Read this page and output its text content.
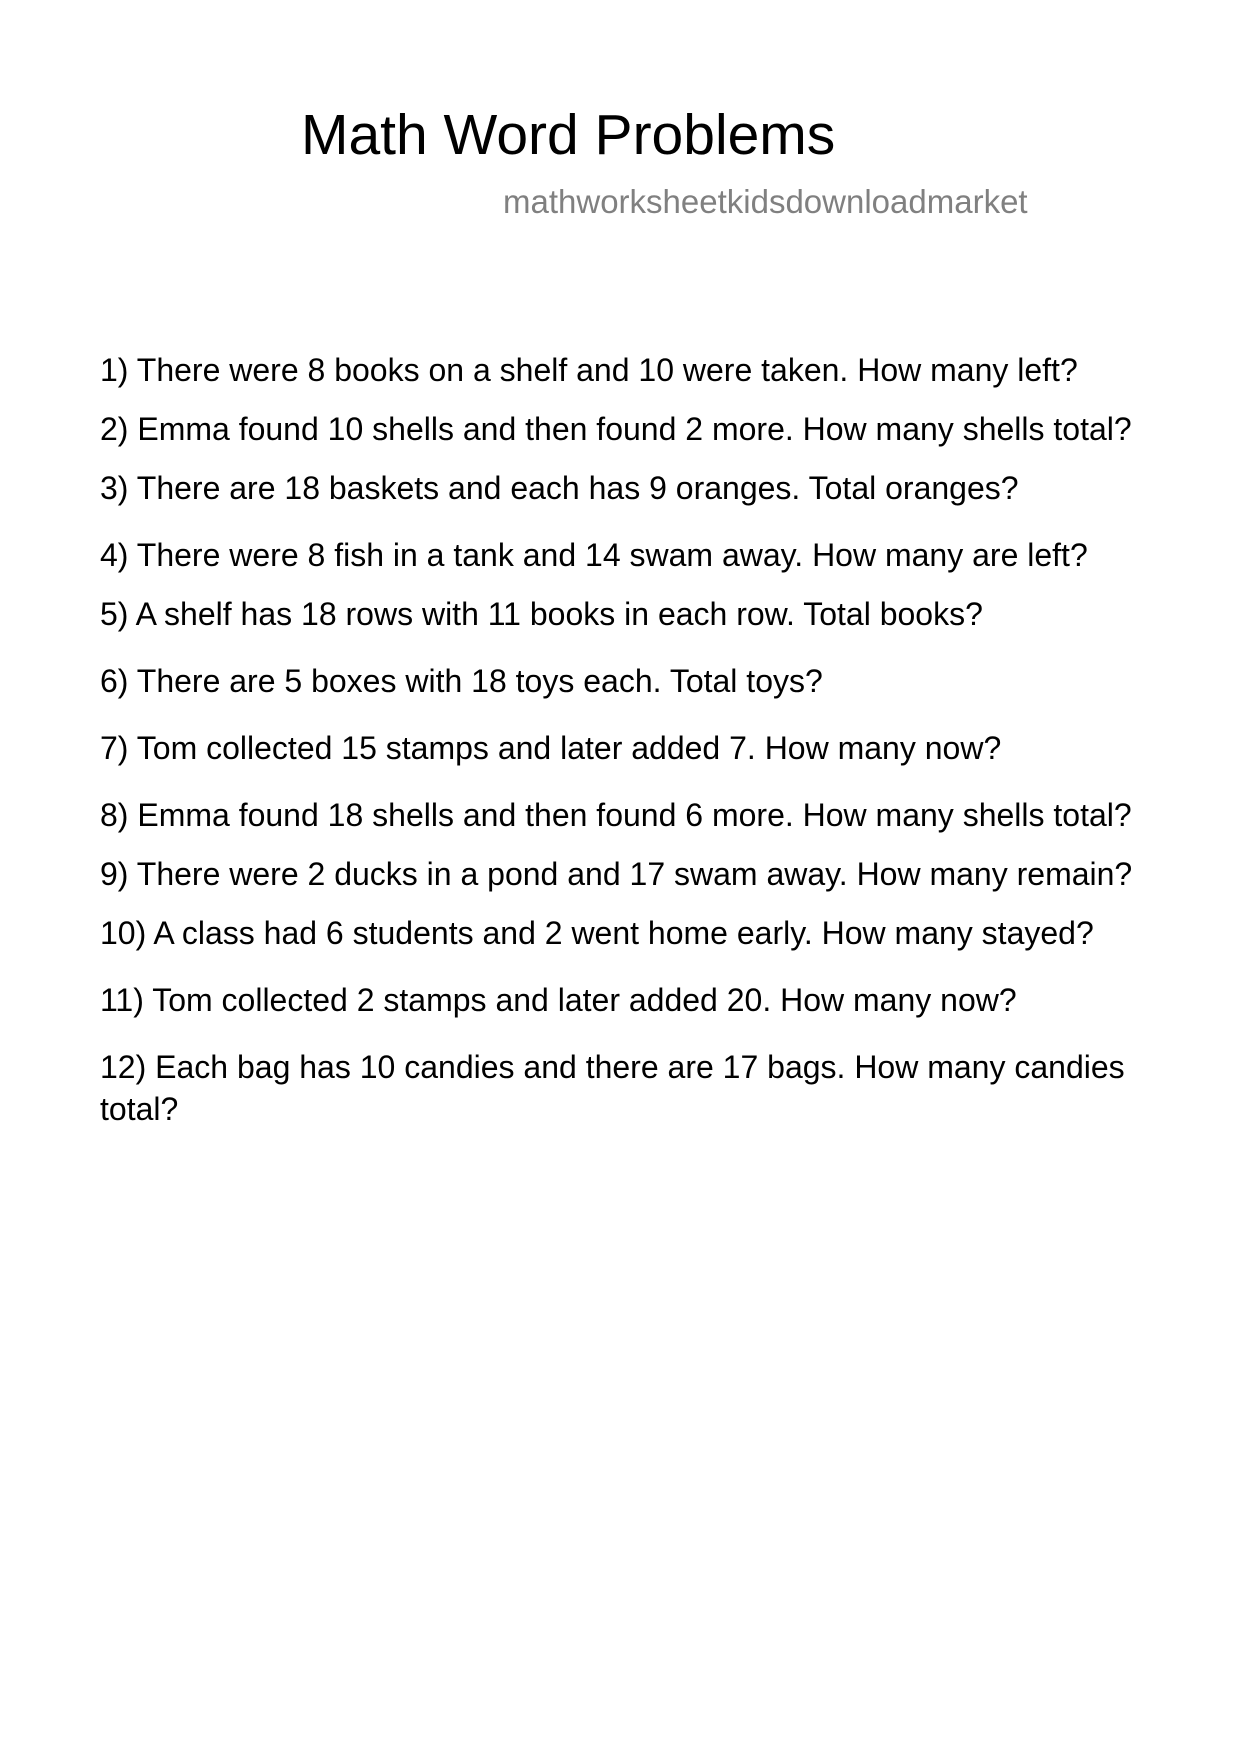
Math Word Problems
mathworksheetkidsdownloadmarket
1) There were 8 books on a shelf and 10 were taken. How many left?
2) Emma found 10 shells and then found 2 more. How many shells total?
3) There are 18 baskets and each has 9 oranges. Total oranges?
4) There were 8 fish in a tank and 14 swam away. How many are left?
5) A shelf has 18 rows with 11 books in each row. Total books?
6) There are 5 boxes with 18 toys each. Total toys?
7) Tom collected 15 stamps and later added 7. How many now?
8) Emma found 18 shells and then found 6 more. How many shells total?
9) There were 2 ducks in a pond and 17 swam away. How many remain?
10) A class had 6 students and 2 went home early. How many stayed?
11) Tom collected 2 stamps and later added 20. How many now?
12) Each bag has 10 candies and there are 17 bags. How many candies total?
